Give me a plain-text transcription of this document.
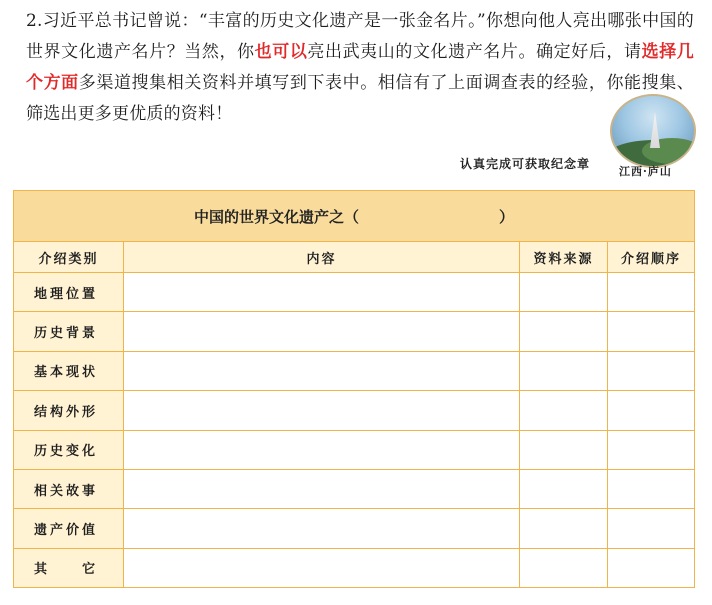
2.习近平总书记曾说：“丰富的历史文化遗产是一张金名片。”你想向他人亮出哪张中国的世界文化遗产名片？当然，你也可以亮出武夷山的文化遗产名片。确定好后，请选择几个方面多渠道搜集相关资料并填写到下表中。相信有了上面调查表的经验，你能搜集、筛选出更多更优质的资料！
江西·庐山
认真完成可获取纪念章
中国的世界文化遗产之（ ）			
介绍类别	内容	资料来源	介绍顺序
地理位置			
历史背景			
基本现状			
结构外形			
历史变化			
相关故事			
遗产价值			
其　　它			
